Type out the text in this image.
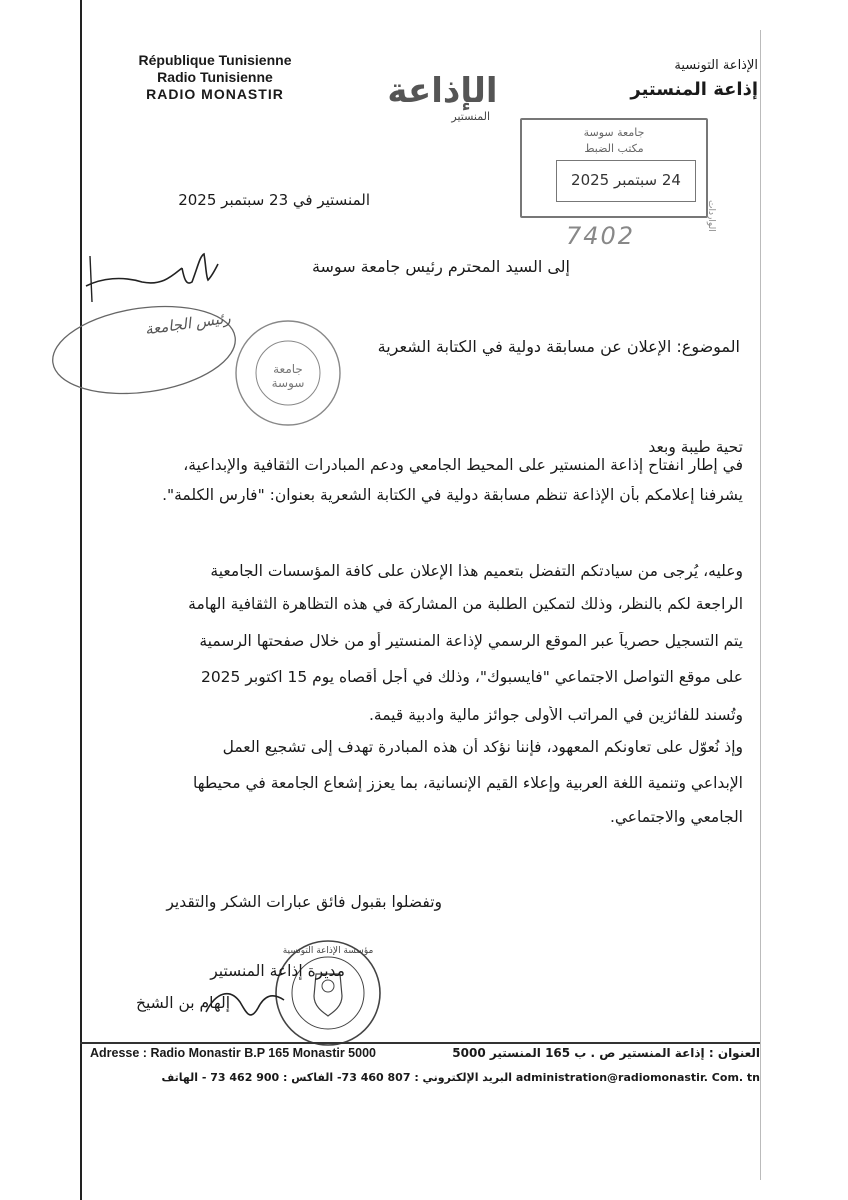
République Tunisienne
Radio Tunisienne
RADIO MONASTIR	الإذاعة
المنستير
الإذاعة التونسية
إذاعة المنستير
جامعة سوسة
مكتب الضبط
24 سبتمبر 2025
الواردات
7402
المنستير في 23 سبتمبر 2025
إلى السيد المحترم رئيس جامعة سوسة
رئيس الجامعة
جامعة سوسة
الموضوع: الإعلان عن مسابقة دولية في الكتابة الشعرية
تحية طيبة وبعد

في إطار انفتاح إذاعة المنستير على المحيط الجامعي ودعم المبادرات الثقافية والإبداعية،

يشرفنا إعلامكم بأن الإذاعة تنظم مسابقة دولية في الكتابة الشعرية بعنوان: "فارس الكلمة".

وعليه، يُرجى من سيادتكم التفضل بتعميم هذا الإعلان على كافة المؤسسات الجامعية

الراجعة لكم بالنظر، وذلك لتمكين الطلبة من المشاركة في هذه التظاهرة الثقافية الهامة

يتم التسجيل حصرياً عبر الموقع الرسمي لإذاعة المنستير أو من خلال صفحتها الرسمية

على موقع التواصل الاجتماعي "فايسبوك"، وذلك في أجل أقصاه يوم 15 اكتوبر 2025

وتُسند للفائزين في المراتب الأولى جوائز مالية وادبية قيمة.

وإذ نُعوّل على تعاونكم المعهود، فإننا نؤكد أن هذه المبادرة تهدف إلى تشجيع العمل

الإبداعي وتنمية اللغة العربية وإعلاء القيم الإنسانية، بما يعزز إشعاع الجامعة في محيطها

الجامعي والاجتماعي.

وتفضلوا بقبول فائق عبارات الشكر والتقدير
مؤسسة الإذاعة التونسية
مديرة إذاعة المنستير
إلهام بن الشيخ
Adresse : Radio Monastir B.P 165 Monastir 5000	العنوان : إذاعة المنستير ص . ب 165 المنستير 5000
administration@radiomonastir. Com. tn البريد الإلكتروني : 807 460 73- الفاكس : 900 462 73 - الهاتف
